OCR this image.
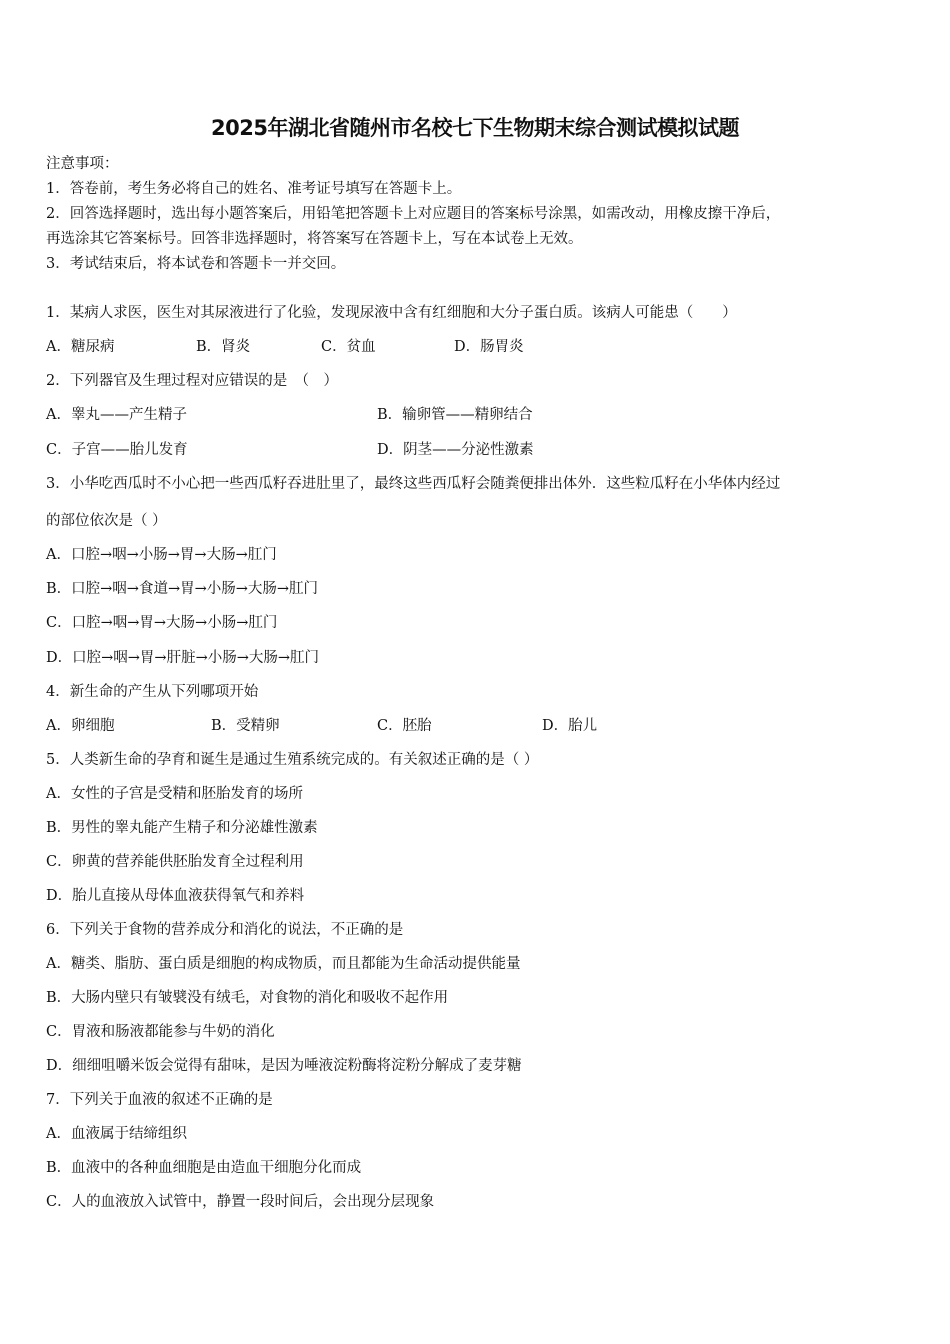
2025年湖北省随州市名校七下生物期末综合测试模拟试题
注意事项：
1．答卷前，考生务必将自己的姓名、准考证号填写在答题卡上。
2．回答选择题时，选出每小题答案后，用铅笔把答题卡上对应题目的答案标号涂黑，如需改动，用橡皮擦干净后，
再选涂其它答案标号。回答非选择题时，将答案写在答题卡上，写在本试卷上无效。
3．考试结束后，将本试卷和答题卡一并交回。
1．某病人求医，医生对其尿液进行了化验，发现尿液中含有红细胞和大分子蛋白质。该病人可能患（　　）
A．糖尿病	B．肾炎	C．贫血	D．肠胃炎
2．下列器官及生理过程对应错误的是　（　）
A．睾丸——产生精子	B．输卵管——精卵结合
C．子宫——胎儿发育	D．阴茎——分泌性激素
3．小华吃西瓜时不小心把一些西瓜籽吞进肚里了，最终这些西瓜籽会随粪便排出体外．这些粒瓜籽在小华体内经过
的部位依次是（ ）
A．口腔→咽→小肠→胃→大肠→肛门
B．口腔→咽→食道→胃→小肠→大肠→肛门
C．口腔→咽→胃→大肠→小肠→肛门
D．口腔→咽→胃→肝脏→小肠→大肠→肛门
4．新生命的产生从下列哪项开始
A．卵细胞	B．受精卵	C．胚胎	D．胎儿
5．人类新生命的孕育和诞生是通过生殖系统完成的。有关叙述正确的是（ ）
A．女性的子宫是受精和胚胎发育的场所
B．男性的睾丸能产生精子和分泌雄性激素
C．卵黄的营养能供胚胎发育全过程利用
D．胎儿直接从母体血液获得氧气和养料
6．下列关于食物的营养成分和消化的说法，不正确的是
A．糖类、脂肪、蛋白质是细胞的构成物质，而且都能为生命活动提供能量
B．大肠内壁只有皱襞没有绒毛，对食物的消化和吸收不起作用
C．胃液和肠液都能参与牛奶的消化
D．细细咀嚼米饭会觉得有甜味，是因为唾液淀粉酶将淀粉分解成了麦芽糖
7．下列关于血液的叙述不正确的是
A．血液属于结缔组织
B．血液中的各种血细胞是由造血干细胞分化而成
C．人的血液放入试管中，静置一段时间后，会出现分层现象
